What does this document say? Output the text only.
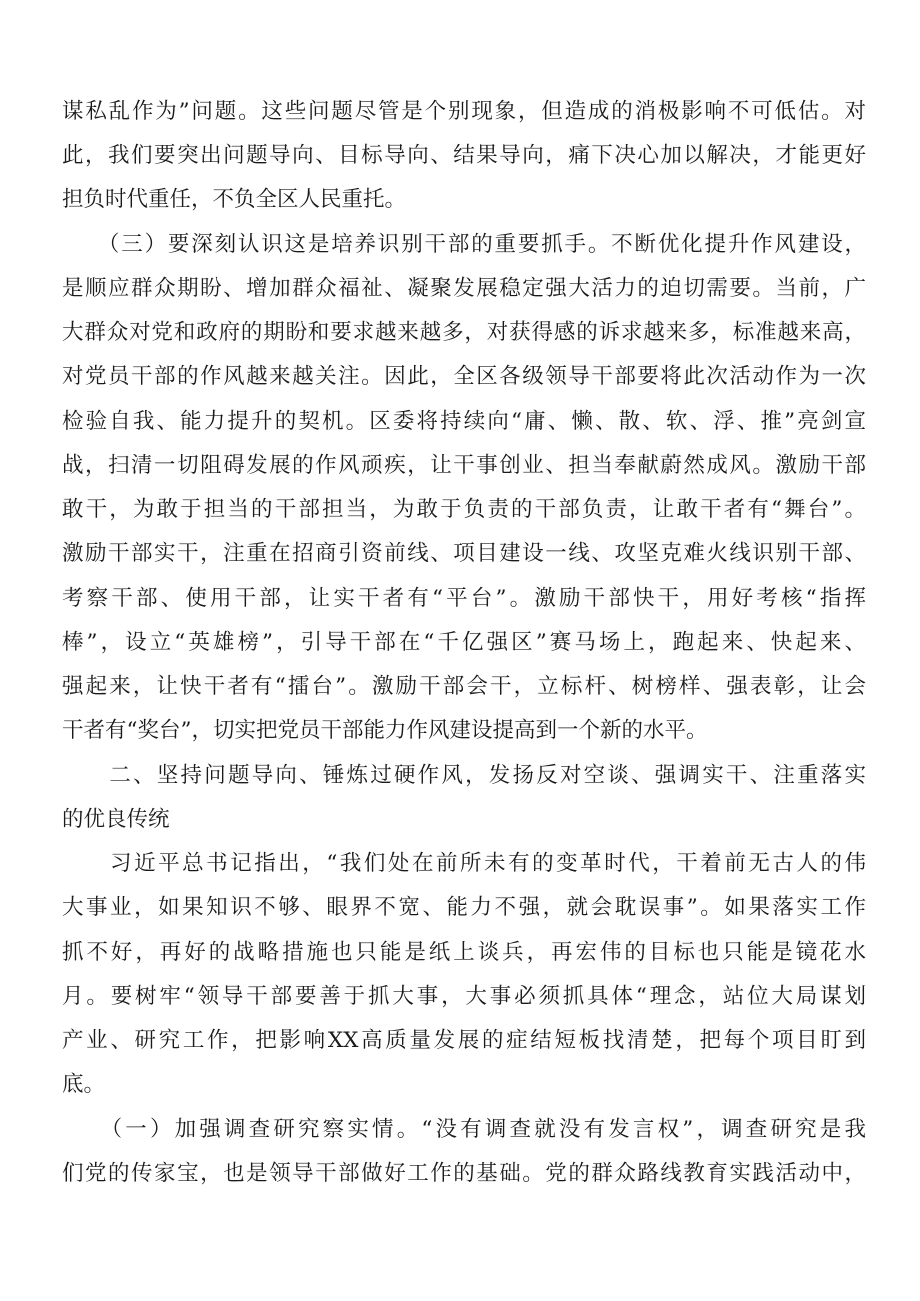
谋私乱作为”问题。这些问题尽管是个别现象，但造成的消极影响不可低估。对
此，我们要突出问题导向、目标导向、结果导向，痛下决心加以解决，才能更好
担负时代重任，不负全区人民重托。
　　（三）要深刻认识这是培养识别干部的重要抓手。不断优化提升作风建设，
是顺应群众期盼、增加群众福祉、凝聚发展稳定强大活力的迫切需要。当前，广
大群众对党和政府的期盼和要求越来越多，对获得感的诉求越来多，标准越来高，
对党员干部的作风越来越关注。因此，全区各级领导干部要将此次活动作为一次
检验自我、能力提升的契机。区委将持续向“庸、懒、散、软、浮、推”亮剑宣
战，扫清一切阻碍发展的作风顽疾，让干事创业、担当奉献蔚然成风。激励干部
敢干，为敢于担当的干部担当，为敢于负责的干部负责，让敢干者有“舞台”。
激励干部实干，注重在招商引资前线、项目建设一线、攻坚克难火线识别干部、
考察干部、使用干部，让实干者有“平台”。激励干部快干，用好考核“指挥
棒”，设立“英雄榜”，引导干部在“千亿强区”赛马场上，跑起来、快起来、
强起来，让快干者有“擂台”。激励干部会干，立标杆、树榜样、强表彰，让会
干者有“奖台”，切实把党员干部能力作风建设提高到一个新的水平。
　　二、坚持问题导向、锤炼过硬作风，发扬反对空谈、强调实干、注重落实
的优良传统
　　习近平总书记指出，“我们处在前所未有的变革时代，干着前无古人的伟
大事业，如果知识不够、眼界不宽、能力不强，就会耽误事”。如果落实工作
抓不好，再好的战略措施也只能是纸上谈兵，再宏伟的目标也只能是镜花水
月。要树牢“领导干部要善于抓大事，大事必须抓具体“理念，站位大局谋划
产业、研究工作，把影响XX高质量发展的症结短板找清楚，把每个项目盯到
底。
　　（一）加强调查研究察实情。“没有调查就没有发言权”，调查研究是我
们党的传家宝，也是领导干部做好工作的基础。党的群众路线教育实践活动中，
